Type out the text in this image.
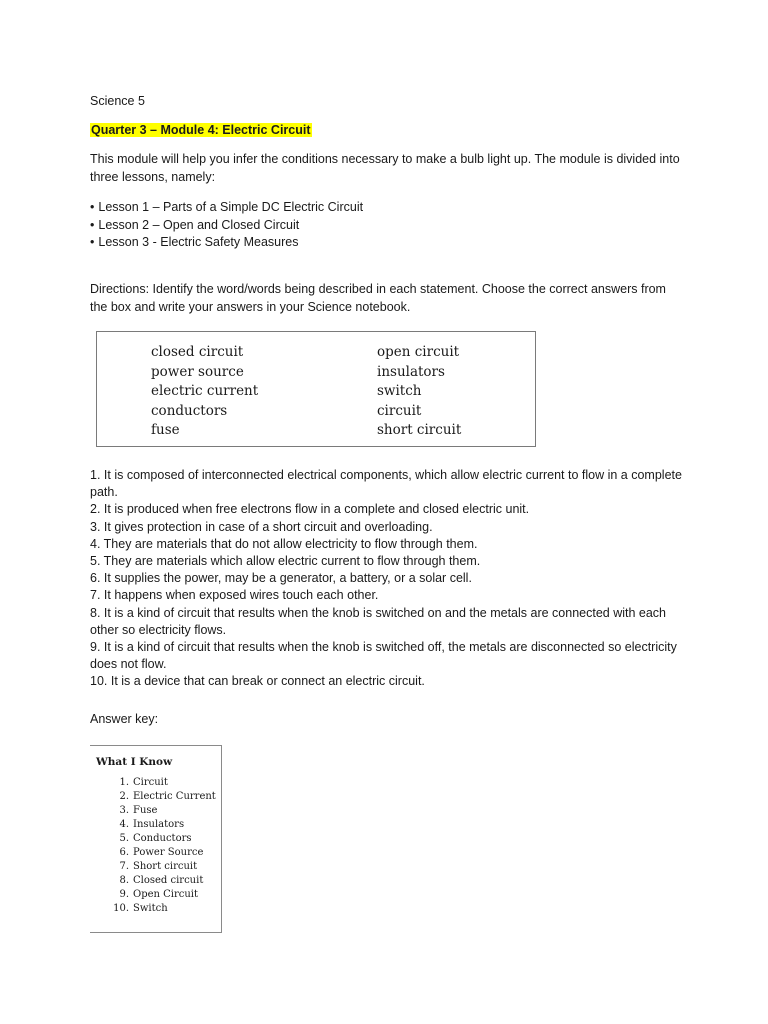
Science 5
Quarter 3 – Module 4: Electric Circuit
This module will help you infer the conditions necessary to make a bulb light up. The module is divided into three lessons, namely:
• Lesson 1 – Parts of a Simple DC Electric Circuit
• Lesson 2 – Open and Closed Circuit
• Lesson 3 - Electric Safety Measures
Directions: Identify the word/words being described in each statement. Choose the correct answers from the box and write your answers in your Science notebook.
closed circuit
power source
electric current
conductors
fuse
open circuit
insulators
switch
circuit
short circuit
1. It is composed of interconnected electrical components, which allow electric current to flow in a complete path.
2. It is produced when free electrons flow in a complete and closed electric unit.
3. It gives protection in case of a short circuit and overloading.
4. They are materials that do not allow electricity to flow through them.
5. They are materials which allow electric current to flow through them.
6. It supplies the power, may be a generator, a battery, or a solar cell.
7. It happens when exposed wires touch each other.
8. It is a kind of circuit that results when the knob is switched on and the metals are connected with each other so electricity flows.
9. It is a kind of circuit that results when the knob is switched off, the metals are disconnected so electricity does not flow.
10. It is a device that can break or connect an electric circuit.
Answer key:
What I Know
1. Circuit
2. Electric Current
3. Fuse
4. Insulators
5. Conductors
6. Power Source
7. Short circuit
8. Closed circuit
9. Open Circuit
10. Switch
